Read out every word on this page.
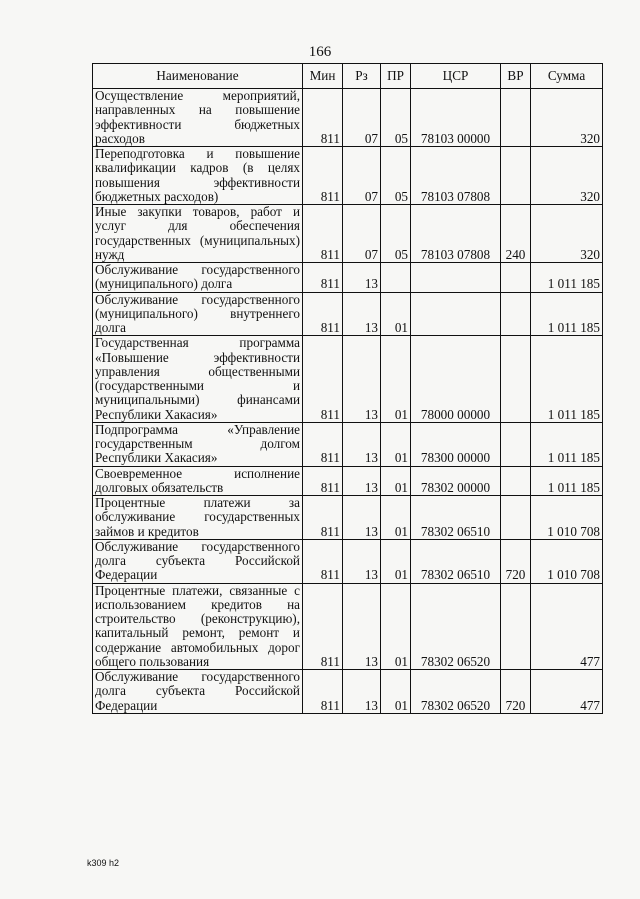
166
Наименование	Мин	Рз	ПР	ЦСР	ВР	Сумма
Осуществление мероприятий, направленных на повышение эффективности бюджетных расходов	811	07	05	78103 00000		320
Переподготовка и повышение квалификации кадров (в целях повышения эффективности бюджетных расходов)	811	07	05	78103 07808		320
Иные закупки товаров, работ и услуг для обеспечения государственных (муниципальных) нужд	811	07	05	78103 07808	240	320
Обслуживание государственного (муниципального) долга	811	13				1 011 185
Обслуживание государственного (муниципального) внутреннего долга	811	13	01			1 011 185
Государственная программа «Повышение эффективности управления общественными (государственными и муниципальными) финансами Республики Хакасия»	811	13	01	78000 00000		1 011 185
Подпрограмма «Управление государственным долгом Республики Хакасия»	811	13	01	78300 00000		1 011 185
Своевременное исполнение долговых обязательств	811	13	01	78302 00000		1 011 185
Процентные платежи за обслуживание государственных займов и кредитов	811	13	01	78302 06510		1 010 708
Обслуживание государственного долга субъекта Российской Федерации	811	13	01	78302 06510	720	1 010 708
Процентные платежи, связанные с использованием кредитов на строительство (реконструкцию), капитальный ремонт, ремонт и содержание автомобильных дорог общего пользования	811	13	01	78302 06520		477
Обслуживание государственного долга субъекта Российской Федерации	811	13	01	78302 06520	720	477
k309 h2
